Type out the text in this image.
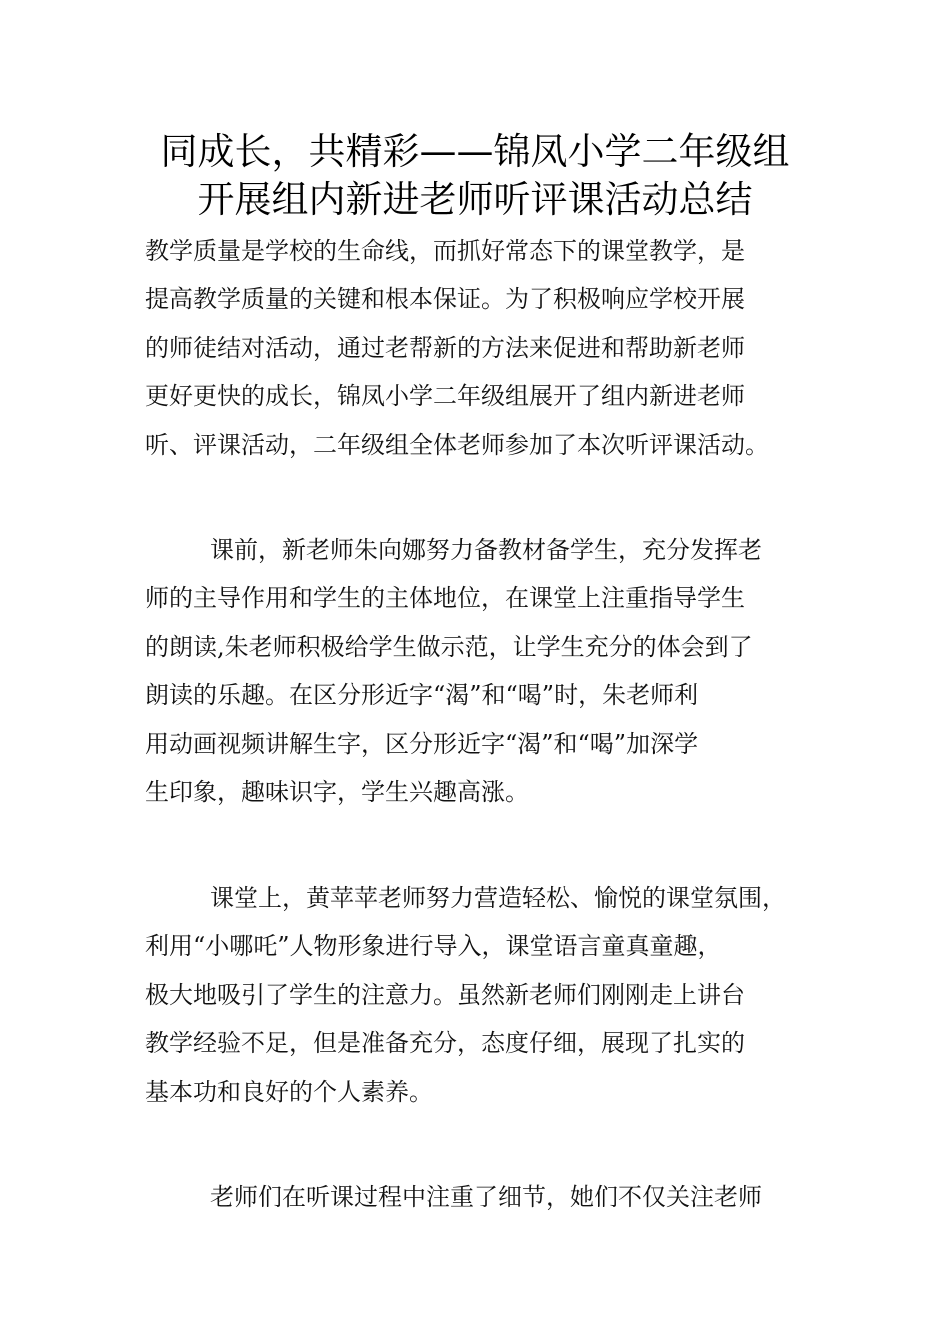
同成长，共精彩——锦凤小学二年级组
开展组内新进老师听评课活动总结
教学质量是学校的生命线，而抓好常态下的课堂教学，是
提高教学质量的关键和根本保证。为了积极响应学校开展
的师徒结对活动，通过老帮新的方法来促进和帮助新老师
更好更快的成长，锦凤小学二年级组展开了组内新进老师
听、评课活动，二年级组全体老师参加了本次听评课活动。
课前，新老师朱向娜努力备教材备学生，充分发挥老
师的主导作用和学生的主体地位，在课堂上注重指导学生
的朗读,朱老师积极给学生做示范，让学生充分的体会到了
朗读的乐趣。在区分形近字“渴”和“喝”时，朱老师利
用动画视频讲解生字，区分形近字“渴”和“喝”加深学
生印象，趣味识字，学生兴趣高涨。
课堂上，黄苹苹老师努力营造轻松、愉悦的课堂氛围，
利用“小哪吒”人物形象进行导入，课堂语言童真童趣，
极大地吸引了学生的注意力。虽然新老师们刚刚走上讲台
教学经验不足，但是准备充分，态度仔细，展现了扎实的
基本功和良好的个人素养。
老师们在听课过程中注重了细节，她们不仅关注老师
